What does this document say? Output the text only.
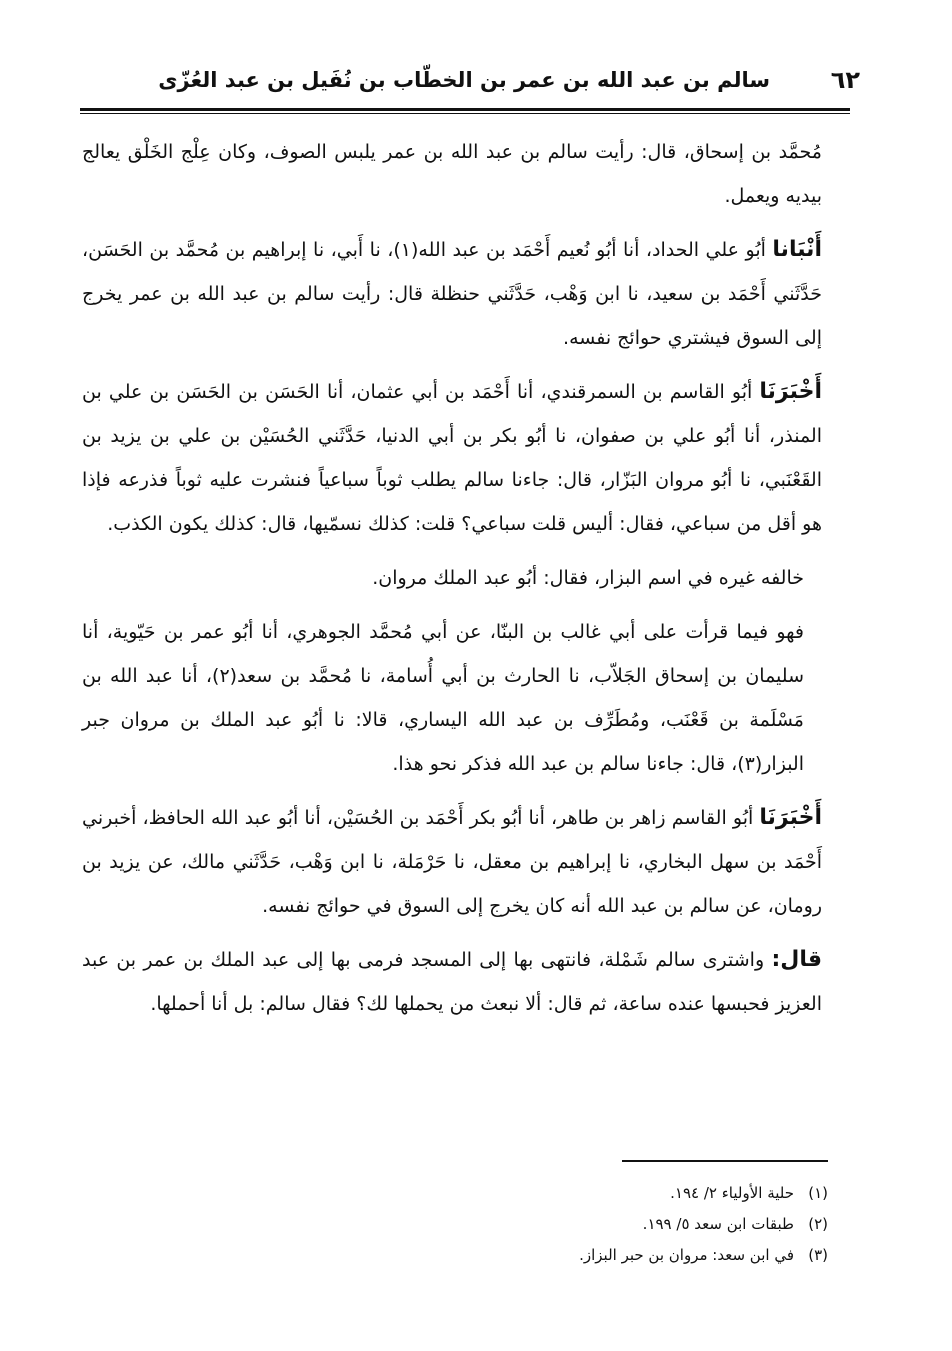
٦٢
سالم بن عبد الله بن عمر بن الخطّاب بن نُفَيل بن عبد العُزّى

مُحمَّد بن إسحاق، قال: رأيت سالم بن عبد الله بن عمر يلبس الصوف، وكان عِلْج الخَلْق يعالج بيديه ويعمل.

أَنْبَانا أبُو علي الحداد، أنا أبُو نُعيم أَحْمَد بن عبد الله(١)، نا أَبي، نا إبراهيم بن مُحمَّد بن الحَسَن، حَدَّثَني أَحْمَد بن سعيد، نا ابن وَهْب، حَدَّثَني حنظلة قال: رأيت سالم بن عبد الله بن عمر يخرج إلى السوق فيشتري حوائج نفسه.

أَخْبَرَنَا أبُو القاسم بن السمرقندي، أنا أَحْمَد بن أبي عثمان، أنا الحَسَن بن الحَسَن بن علي بن المنذر، أنا أبُو علي بن صفوان، نا أبُو بكر بن أبي الدنيا، حَدَّثَني الحُسَيْن بن علي بن يزيد بن القَعْنَبي، نا أبُو مروان البَزّار، قال: جاءنا سالم يطلب ثوباً سباعياً فنشرت عليه ثوباً فذرعه فإذا هو أقل من سباعي، فقال: أليس قلت سباعي؟ قلت: كذلك نسمّيها، قال: كذلك يكون الكذب.

خالفه غيره في اسم البزار، فقال: أبُو عبد الملك مروان.

فهو فيما قرأت على أبي غالب بن البنّا، عن أبي مُحمَّد الجوهري، أنا أبُو عمر بن حَيّوية، أنا سليمان بن إسحاق الجَلاّب، نا الحارث بن أبي أُسامة، نا مُحمَّد بن سعد(٢)، أنا عبد الله بن مَسْلَمة بن قَعْنَب، ومُطَرِّف بن عبد الله اليساري، قالا: نا أبُو عبد الملك بن مروان جبر البزار(٣)، قال: جاءنا سالم بن عبد الله فذكر نحو هذا.

أَخْبَرَنَا أبُو القاسم زاهر بن طاهر، أنا أبُو بكر أَحْمَد بن الحُسَيْن، أنا أبُو عبد الله الحافظ، أخبرني أَحْمَد بن سهل البخاري، نا إبراهيم بن معقل، نا حَرْمَلة، نا ابن وَهْب، حَدَّثَني مالك، عن يزيد بن رومان، عن سالم بن عبد الله أنه كان يخرج إلى السوق في حوائج نفسه.

قال: واشترى سالم شَمْلة، فانتهى بها إلى المسجد فرمى بها إلى عبد الملك بن عمر بن عبد العزيز فحبسها عنده ساعة، ثم قال: ألا نبعث من يحملها لك؟ فقال سالم: بل أنا أحملها.

(١)حلية الأولياء ٢/ ١٩٤.
(٢)طبقات ابن سعد ٥/ ١٩٩.
(٣)في ابن سعد: مروان بن حبر البزاز.
